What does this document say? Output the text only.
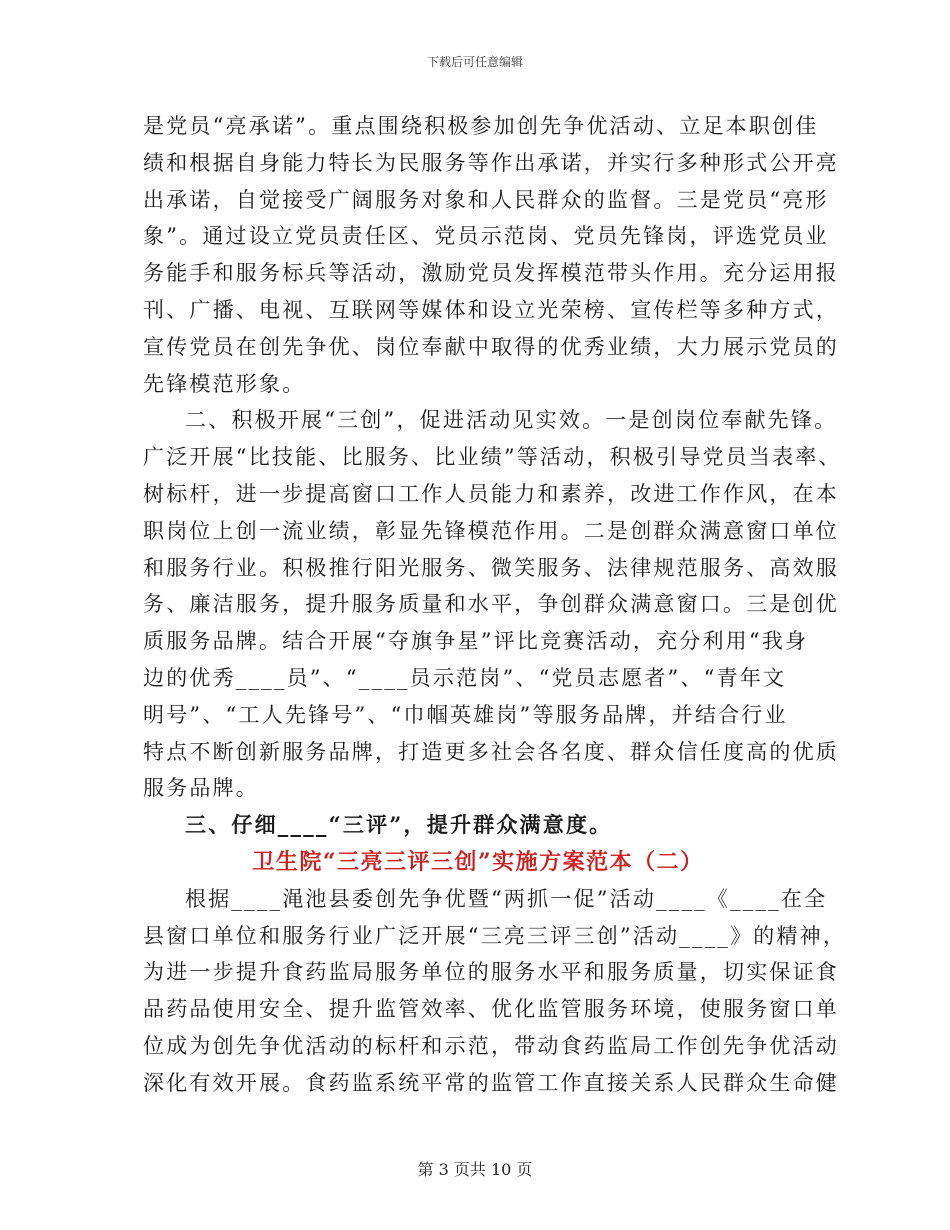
下载后可任意编辑
是党员“亮承诺”。重点围绕积极参加创先争优活动、立足本职创佳
绩和根据自身能力特长为民服务等作出承诺，并实行多种形式公开亮
出承诺，自觉接受广阔服务对象和人民群众的监督。三是党员“亮形
象”。通过设立党员责任区、党员示范岗、党员先锋岗，评选党员业
务能手和服务标兵等活动，激励党员发挥模范带头作用。充分运用报
刊、广播、电视、互联网等媒体和设立光荣榜、宣传栏等多种方式，
宣传党员在创先争优、岗位奉献中取得的优秀业绩，大力展示党员的
先锋模范形象。
二、积极开展“三创”，促进活动见实效。一是创岗位奉献先锋。
广泛开展“比技能、比服务、比业绩”等活动，积极引导党员当表率、
树标杆，进一步提高窗口工作人员能力和素养，改进工作作风，在本
职岗位上创一流业绩，彰显先锋模范作用。二是创群众满意窗口单位
和服务行业。积极推行阳光服务、微笑服务、法律规范服务、高效服
务、廉洁服务，提升服务质量和水平，争创群众满意窗口。三是创优
质服务品牌。结合开展“夺旗争星”评比竞赛活动，充分利用“我身
边的优秀____员”、“____员示范岗”、“党员志愿者”、“青年文
明号”、“工人先锋号”、“巾帼英雄岗”等服务品牌，并结合行业
特点不断创新服务品牌，打造更多社会各名度、群众信任度高的优质
服务品牌。
三、仔细____“三评”，提升群众满意度。
卫生院“三亮三评三创”实施方案范本（二）
根据____渑池县委创先争优暨“两抓一促”活动____《____在全
县窗口单位和服务行业广泛开展“三亮三评三创”活动____》的精神，
为进一步提升食药监局服务单位的服务水平和服务质量，切实保证食
品药品使用安全、提升监管效率、优化监管服务环境，使服务窗口单
位成为创先争优活动的标杆和示范，带动食药监局工作创先争优活动
深化有效开展。食药监系统平常的监管工作直接关系人民群众生命健
第 3 页共 10 页
